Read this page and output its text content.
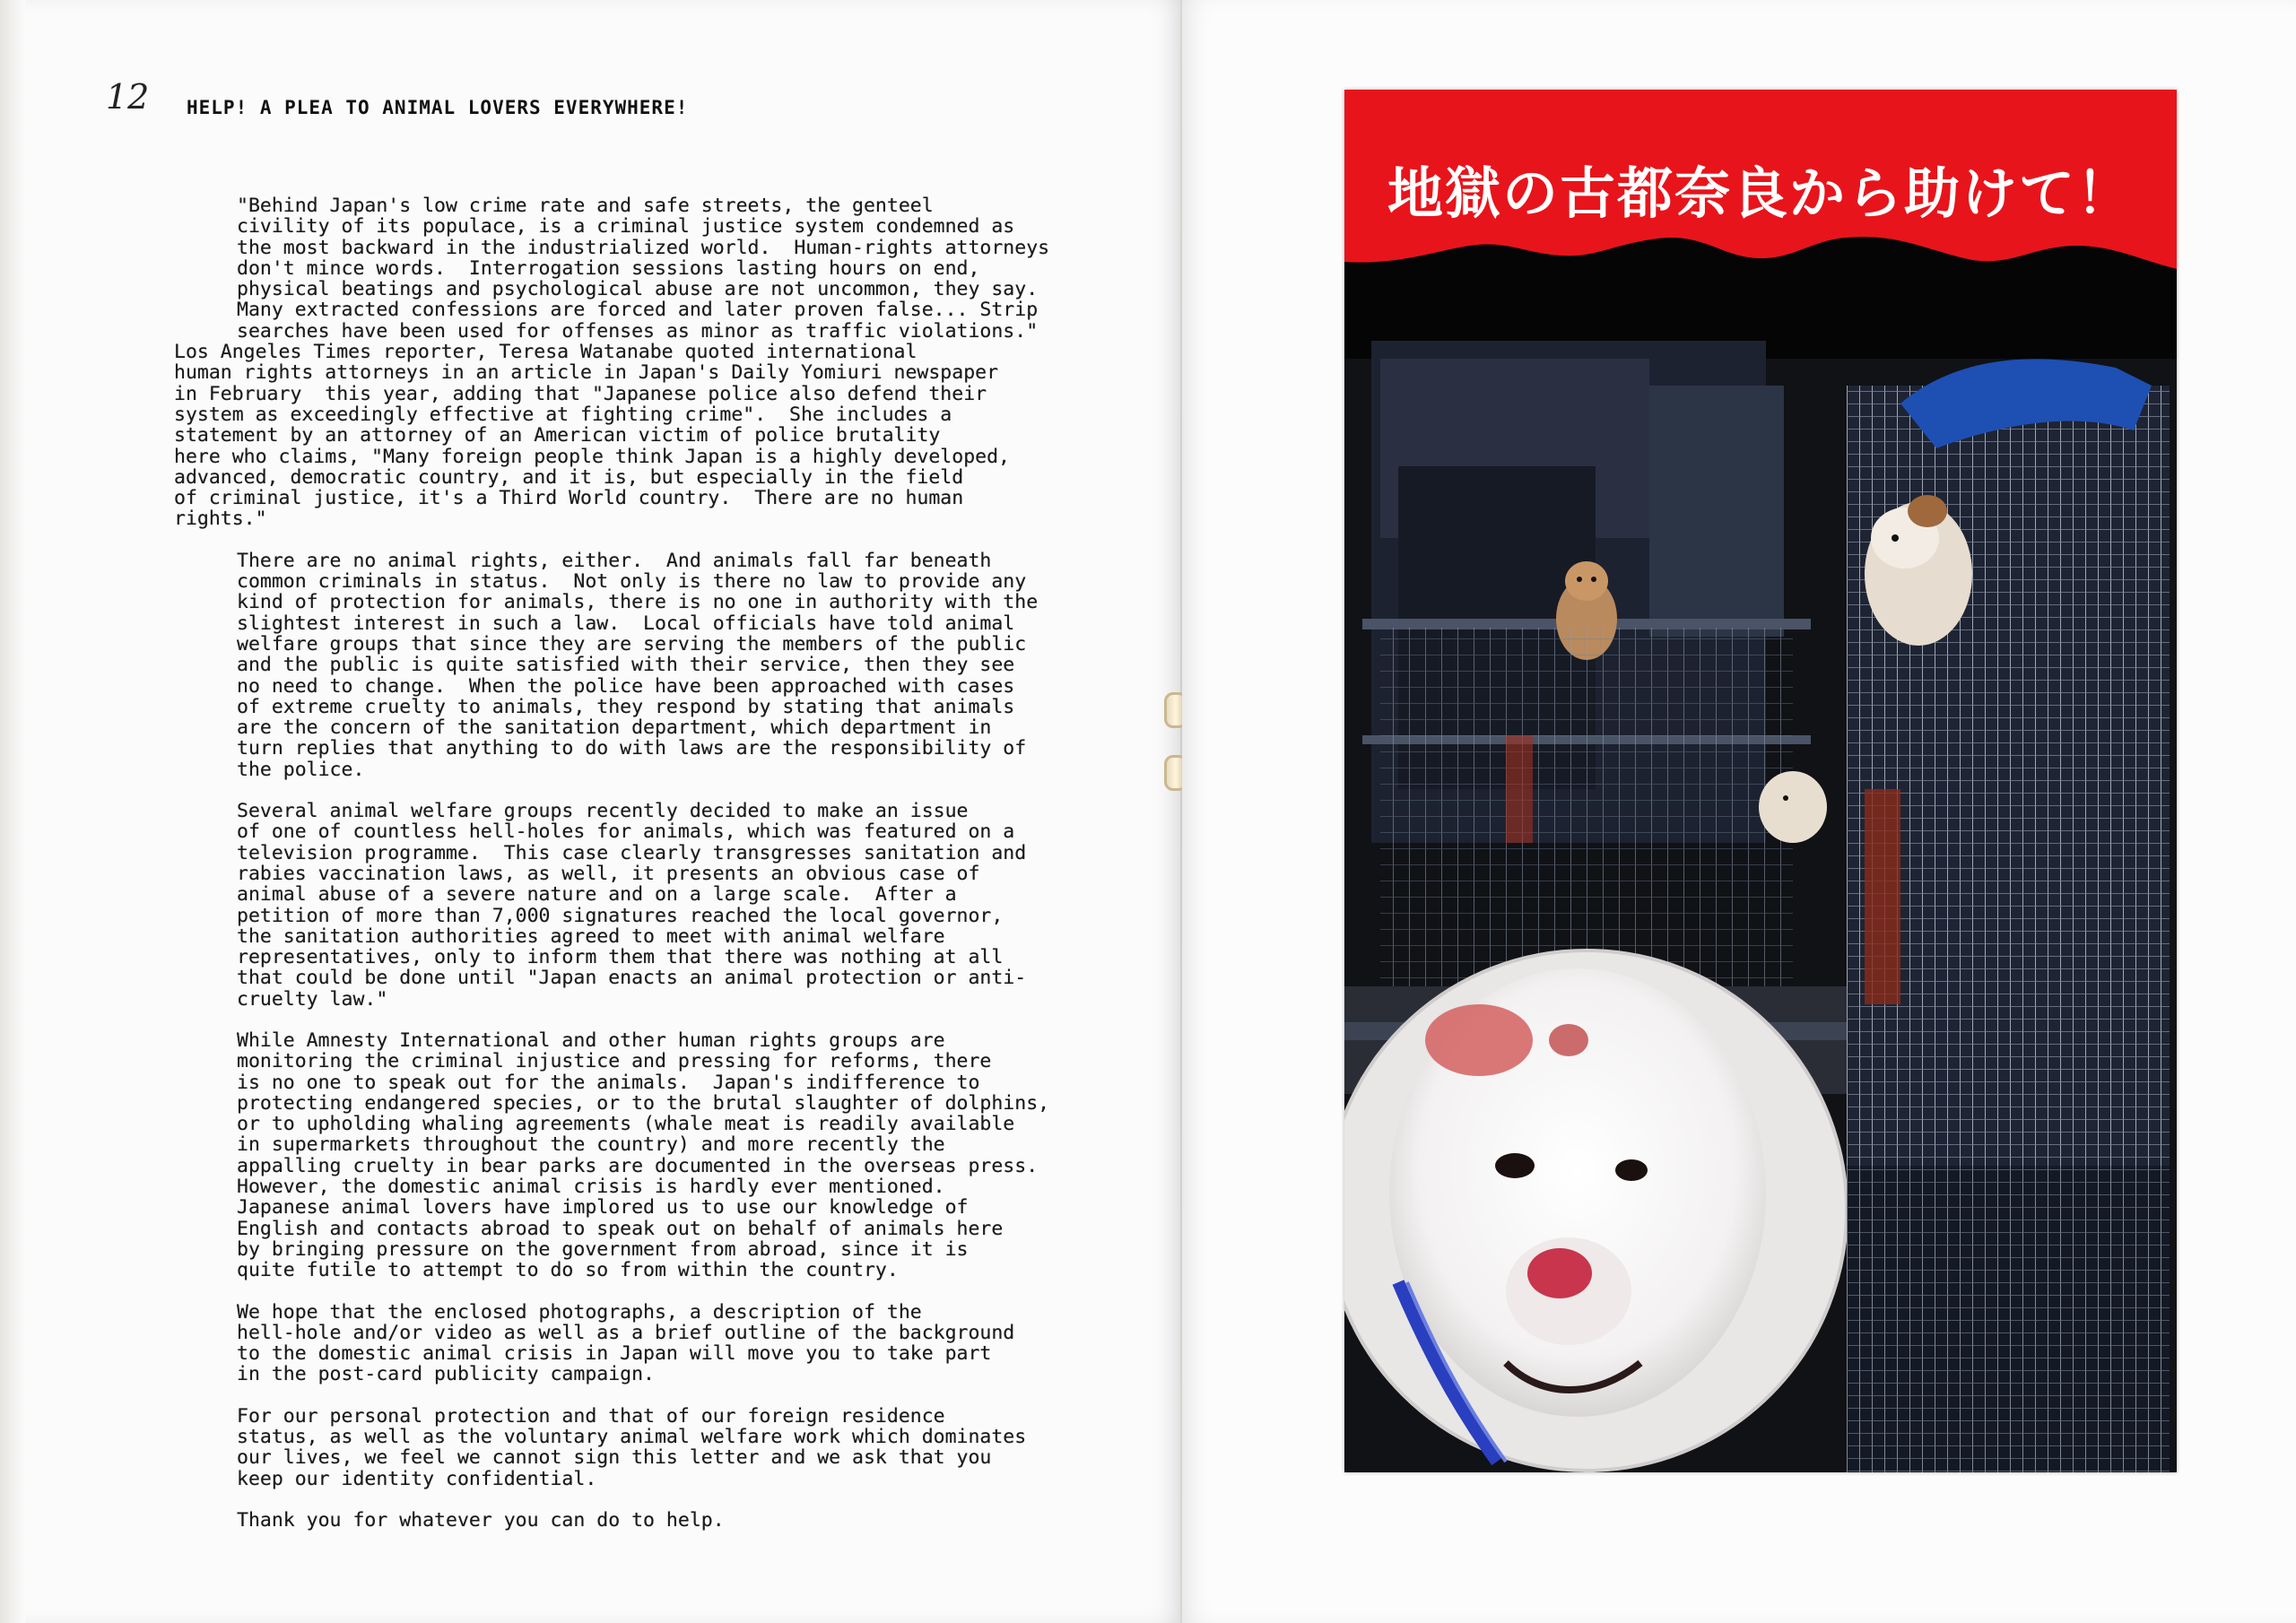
12 HELP! A PLEA TO ANIMAL LOVERS EVERYWHERE!

"Behind Japan's low crime rate and safe streets, the genteel
civility of its populace, is a criminal justice system condemned as
the most backward in the industrialized world.  Human-rights attorneys
don't mince words.  Interrogation sessions lasting hours on end,
physical beatings and psychological abuse are not uncommon, they say.
Many extracted confessions are forced and later proven false... Strip
searches have been used for offenses as minor as traffic violations."

Los Angeles Times reporter, Teresa Watanabe quoted international
human rights attorneys in an article in Japan's Daily Yomiuri newspaper
in February  this year, adding that "Japanese police also defend their
system as exceedingly effective at fighting crime".  She includes a
statement by an attorney of an American victim of police brutality
here who claims, "Many foreign people think Japan is a highly developed,
advanced, democratic country, and it is, but especially in the field
of criminal justice, it's a Third World country.  There are no human
rights."

There are no animal rights, either.  And animals fall far beneath
common criminals in status.  Not only is there no law to provide any
kind of protection for animals, there is no one in authority with the
slightest interest in such a law.  Local officials have told animal
welfare groups that since they are serving the members of the public
and the public is quite satisfied with their service, then they see
no need to change.  When the police have been approached with cases
of extreme cruelty to animals, they respond by stating that animals
are the concern of the sanitation department, which department in
turn replies that anything to do with laws are the responsibility of
the police.

Several animal welfare groups recently decided to make an issue
of one of countless hell-holes for animals, which was featured on a
television programme.  This case clearly transgresses sanitation and
rabies vaccination laws, as well, it presents an obvious case of
animal abuse of a severe nature and on a large scale.  After a
petition of more than 7,000 signatures reached the local governor,
the sanitation authorities agreed to meet with animal welfare
representatives, only to inform them that there was nothing at all
that could be done until "Japan enacts an animal protection or anti-
cruelty law."

While Amnesty International and other human rights groups are
monitoring the criminal injustice and pressing for reforms, there
is no one to speak out for the animals.  Japan's indifference to
protecting endangered species, or to the brutal slaughter of dolphins,
or to upholding whaling agreements (whale meat is readily available
in supermarkets throughout the country) and more recently the
appalling cruelty in bear parks are documented in the overseas press.
However, the domestic animal crisis is hardly ever mentioned.
Japanese animal lovers have implored us to use our knowledge of
English and contacts abroad to speak out on behalf of animals here
by bringing pressure on the government from abroad, since it is
quite futile to attempt to do so from within the country.

We hope that the enclosed photographs, a description of the
hell-hole and/or video as well as a brief outline of the background
to the domestic animal crisis in Japan will move you to take part
in the post-card publicity campaign.

For our personal protection and that of our foreign residence
status, as well as the voluntary animal welfare work which dominates
our lives, we feel we cannot sign this letter and we ask that you
keep our identity confidential.

Thank you for whatever you can do to help.

地獄の古都奈良から助けて！
